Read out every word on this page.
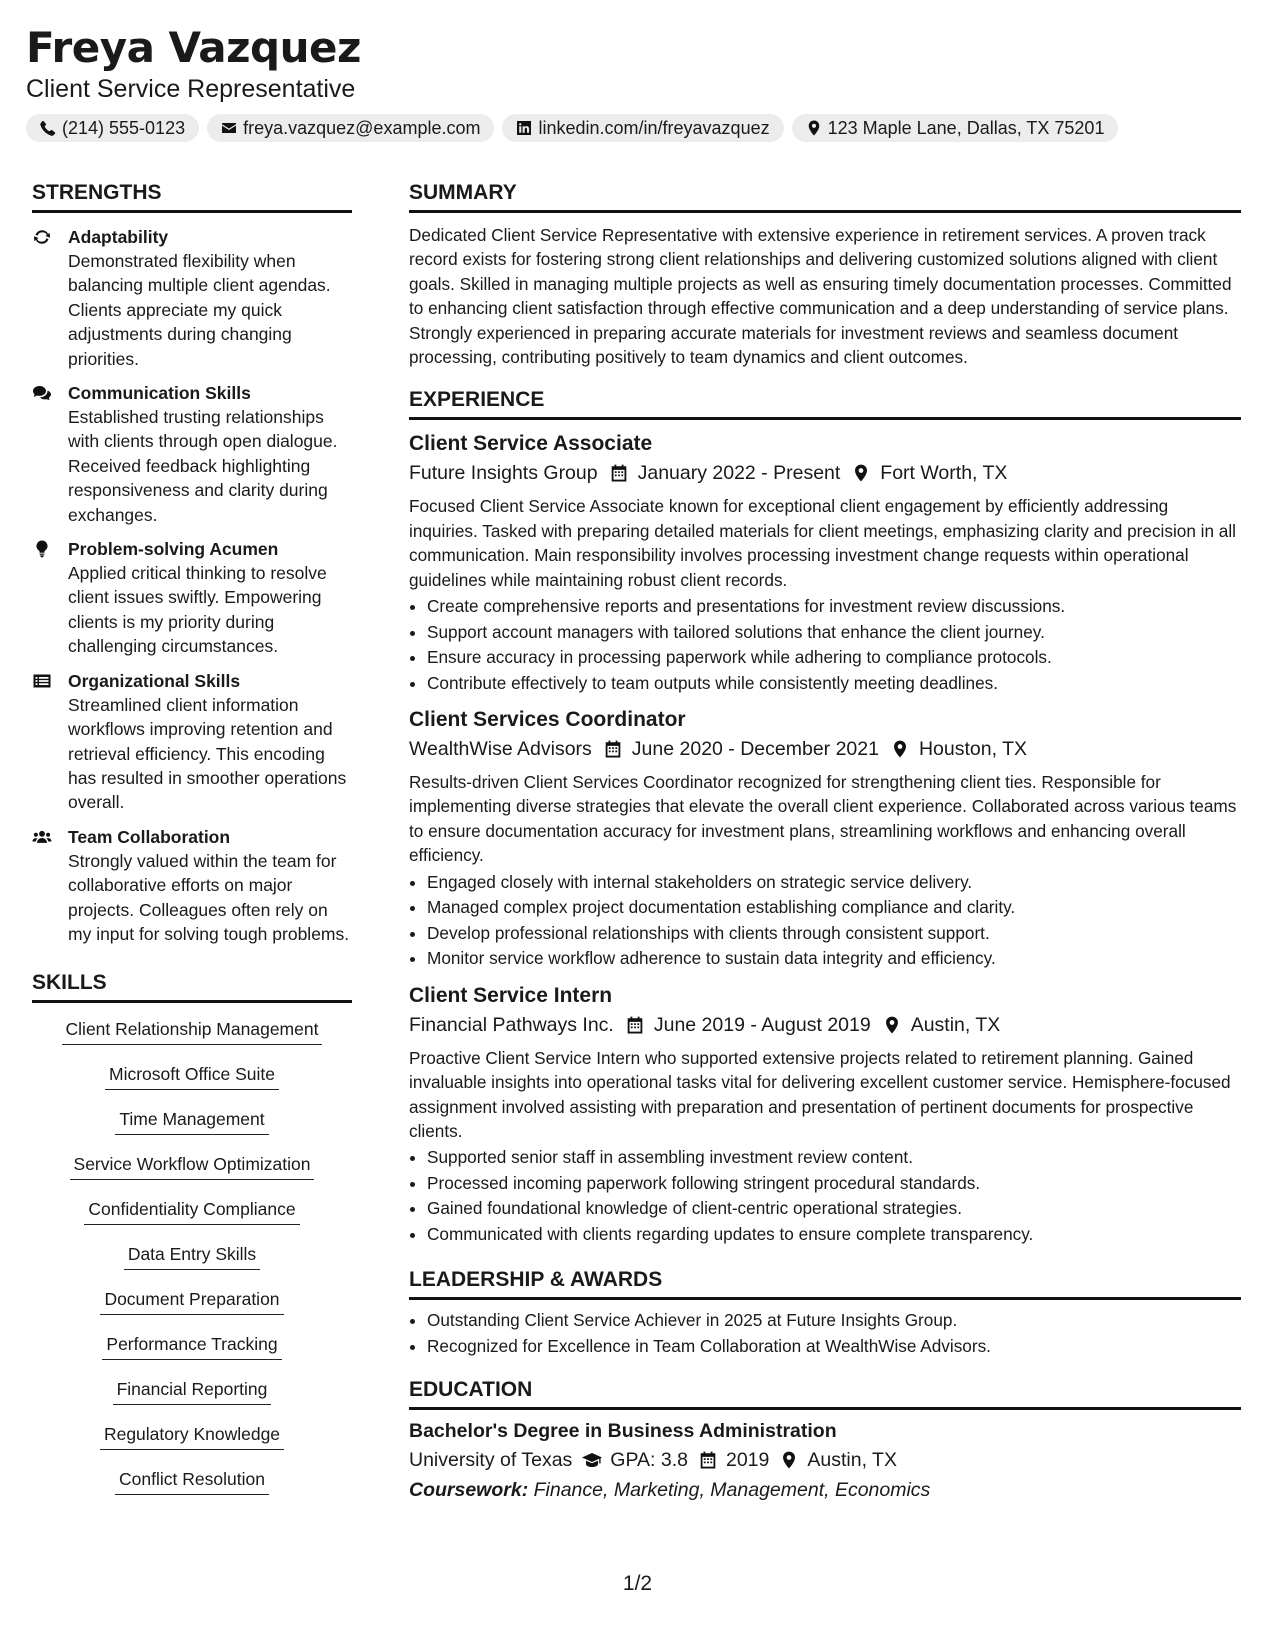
Freya Vazquez
Client Service Representative
(214) 555-0123	freya.vazquez@example.com	linkedin.com/in/freyavazquez	123 Maple Lane, Dallas, TX 75201
STRENGTHS
Adaptability
Demonstrated flexibility when balancing multiple client agendas. Clients appreciate my quick adjustments during changing priorities.
Communication Skills
Established trusting relationships with clients through open dialogue. Received feedback highlighting responsiveness and clarity during exchanges.
Problem-solving Acumen
Applied critical thinking to resolve client issues swiftly. Empowering clients is my priority during challenging circumstances.
Organizational Skills
Streamlined client information workflows improving retention and retrieval efficiency. This encoding has resulted in smoother operations overall.
Team Collaboration
Strongly valued within the team for collaborative efforts on major projects. Colleagues often rely on my input for solving tough problems.
SKILLS
Client Relationship Management
Microsoft Office Suite
Time Management
Service Workflow Optimization
Confidentiality Compliance
Data Entry Skills
Document Preparation
Performance Tracking
Financial Reporting
Regulatory Knowledge
Conflict Resolution
SUMMARY

Dedicated Client Service Representative with extensive experience in retirement services. A proven track record exists for fostering strong client relationships and delivering customized solutions aligned with client goals. Skilled in managing multiple projects as well as ensuring timely documentation processes. Committed to enhancing client satisfaction through effective communication and a deep understanding of service plans. Strongly experienced in preparing accurate materials for investment reviews and seamless document processing, contributing positively to team dynamics and client outcomes.

EXPERIENCE
Client Service Associate
Future Insights Group January 2022 - Present Fort Worth, TX

Focused Client Service Associate known for exceptional client engagement by efficiently addressing inquiries. Tasked with preparing detailed materials for client meetings, emphasizing clarity and precision in all communication. Main responsibility involves processing investment change requests within operational guidelines while maintaining robust client records.

• Create comprehensive reports and presentations for investment review discussions.
• Support account managers with tailored solutions that enhance the client journey.
• Ensure accuracy in processing paperwork while adhering to compliance protocols.
• Contribute effectively to team outputs while consistently meeting deadlines.
Client Services Coordinator
WealthWise Advisors June 2020 - December 2021 Houston, TX

Results-driven Client Services Coordinator recognized for strengthening client ties. Responsible for implementing diverse strategies that elevate the overall client experience. Collaborated across various teams to ensure documentation accuracy for investment plans, streamlining workflows and enhancing overall efficiency.

• Engaged closely with internal stakeholders on strategic service delivery.
• Managed complex project documentation establishing compliance and clarity.
• Develop professional relationships with clients through consistent support.
• Monitor service workflow adherence to sustain data integrity and efficiency.
Client Service Intern
Financial Pathways Inc. June 2019 - August 2019 Austin, TX

Proactive Client Service Intern who supported extensive projects related to retirement planning. Gained invaluable insights into operational tasks vital for delivering excellent customer service. Hemisphere-focused assignment involved assisting with preparation and presentation of pertinent documents for prospective clients.

• Supported senior staff in assembling investment review content.
• Processed incoming paperwork following stringent procedural standards.
• Gained foundational knowledge of client-centric operational strategies.
• Communicated with clients regarding updates to ensure complete transparency.
LEADERSHIP & AWARDS
• Outstanding Client Service Achiever in 2025 at Future Insights Group.
• Recognized for Excellence in Team Collaboration at WealthWise Advisors.
EDUCATION
Bachelor's Degree in Business Administration
University of Texas GPA: 3.8 2019 Austin, TX
Coursework: Finance, Marketing, Management, Economics
1/2
